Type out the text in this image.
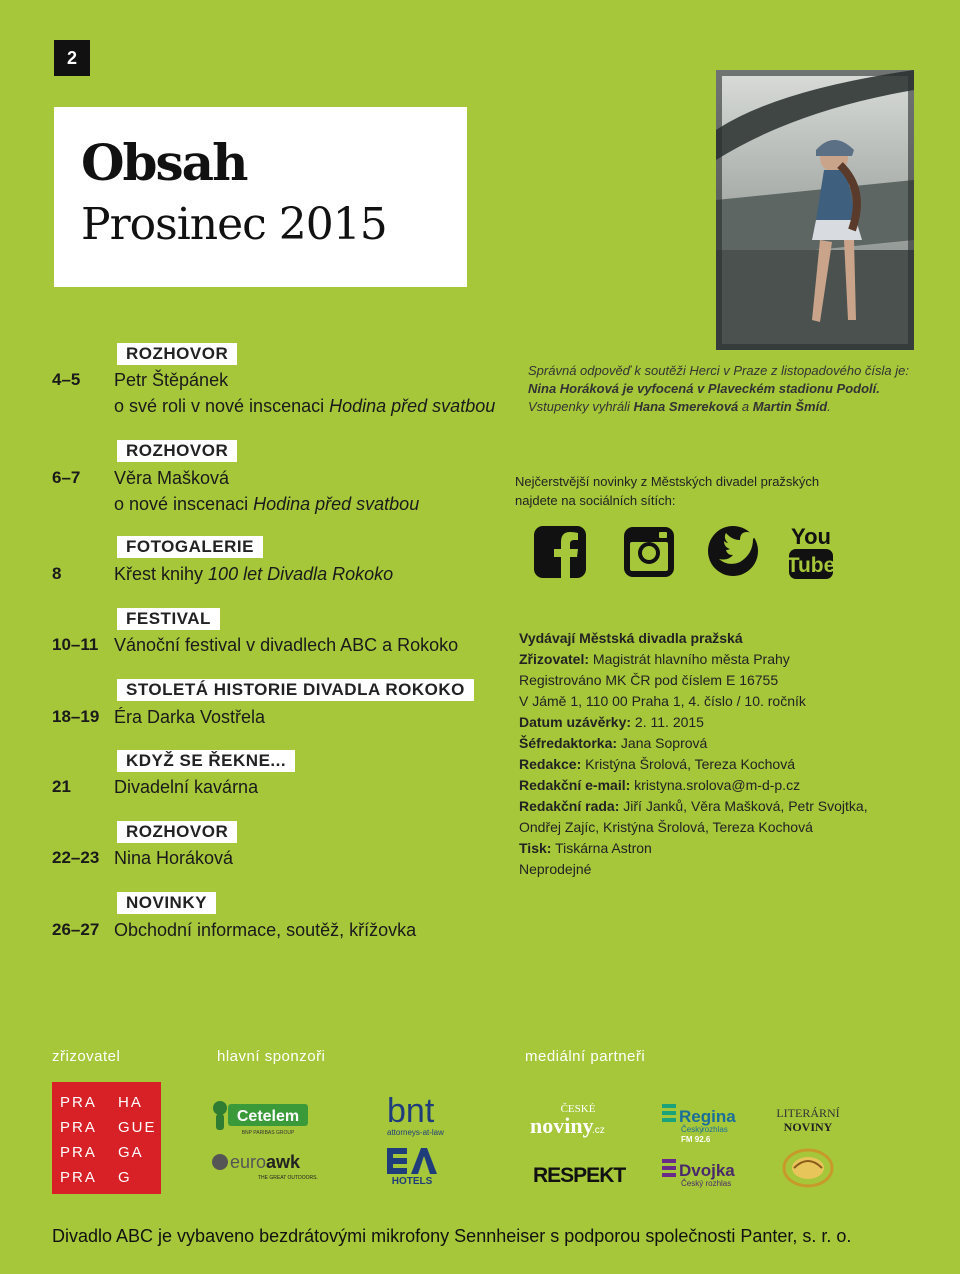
2
Obsah
Prosinec 2015
ROZHOVOR
4–5 Petr Štěpánek
o své roli v nové inscenaci Hodina před svatbou
ROZHOVOR
6–7 Věra Mašková
o nové inscenaci Hodina před svatbou
FOTOGALERIE
8	Křest knihy 100 let Divadla Rokoko
FESTIVAL
10–11 Vánoční festival v divadlech ABC a Rokoko
STOLETÁ HISTORIE DIVADLA ROKOKO
18–19 Éra Darka Vostřela
KDYŽ SE ŘEKNE...
21 Divadelní kavárna
ROZHOVOR
22–23 Nina Horáková
NOVINKY
26–27 Obchodní informace, soutěž, křížovka
Správná odpověď k soutěži Herci v Praze z listopadového čísla je:
Nina Horáková je vyfocená v Plaveckém stadionu Podolí.
Vstupenky vyhráli Hana Smereková a Martin Šmíd.
Nejčerstvější novinky z Městských divadel pražských
najdete na sociálních sítích:
You
Tube
Vydávají Městská divadla pražská
Zřizovatel: Magistrát hlavního města Prahy
Registrováno MK ČR pod číslem E 16755
V Jámě 1, 110 00 Praha 1, 4. číslo / 10. ročník
Datum uzávěrky: 2. 11. 2015
Šéfredaktorka: Jana Soprová
Redakce: Kristýna Šrolová, Tereza Kochová
Redakční e-mail: kristyna.srolova@m-d-p.cz
Redakční rada: Jiří Janků, Věra Mašková, Petr Svojtka,
Ondřej Zajíc, Kristýna Šrolová, Tereza Kochová
Tisk: Tiskárna Astron
Neprodejné
zřizovatel	hlavní sponzoři	mediální partneři
PRA HA
PRA GUE
PRA GA
PRA G
Cetelem
BNP PARIBAS GROUP
euro awk
THE GREAT OUTDOORS.
bnt
attorneys-at-law
HOTELS
ČESKÉ
noviny
.cz
RESPEKT
Regina
Český
rozhlas
FM 92.6
Dvojka
Český rozhlas
LITERÁRNÍ
NOVINY
Divadlo ABC je vybaveno bezdrátovými mikrofony Sennheiser s podporou společnosti Panter, s. r. o.
